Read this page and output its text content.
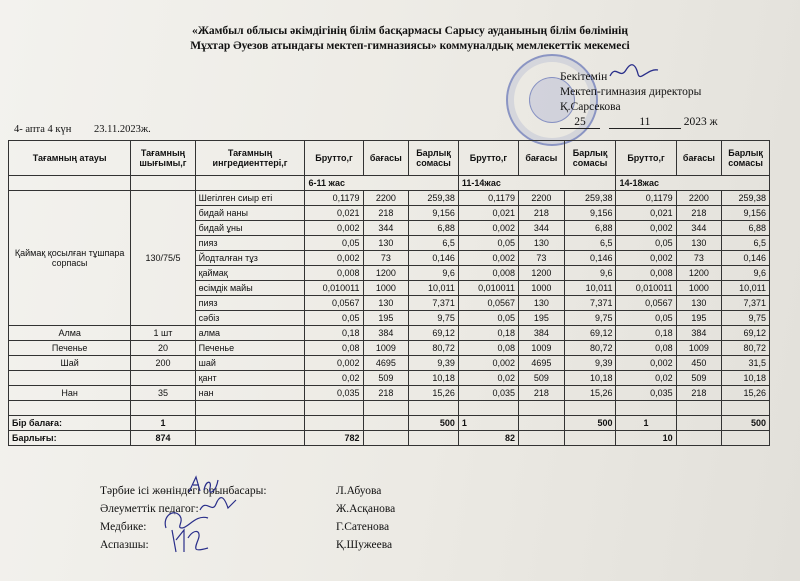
«Жамбыл облысы әкімдігінің білім басқармасы Сарысу ауданының білім бөлімінің
Мұхтар Әуезов атындағы мектеп-гимназиясы» коммуналдық мемлекеттік мекемесі
Бекітемін
Мектеп-гимназия директоры
Қ.Сарсекова
25	11	2023 ж
4- апта 4 күн 23.11.2023ж.
Тағамның атауы	Тағамның шығымы,г	Тағамның ингредиенттері,г	Брутто,г	бағасы	Барлық сомасы	Брутто,г	бағасы	Барлық сомасы	Брутто,г	бағасы	Барлық сомасы
			6-11 жас			11-14жас			14-18жас		
Қаймақ қосылған тұшпара сорпасы	130/75/5	Шегілген сиыр еті	0,1179	2200	259,38	0,1179	2200	259,38	0,1179	2200	259,38
		бидай наны	0,021	218	9,156	0,021	218	9,156	0,021	218	9,156
		бидай ұны	0,002	344	6,88	0,002	344	6,88	0,002	344	6,88
		пияз	0,05	130	6,5	0,05	130	6,5	0,05	130	6,5
		Йодталған тұз	0,002	73	0,146	0,002	73	0,146	0,002	73	0,146
		қаймақ	0,008	1200	9,6	0,008	1200	9,6	0,008	1200	9,6
		өсімдік майы	0,010011	1000	10,011	0,010011	1000	10,011	0,010011	1000	10,011
		пияз	0,0567	130	7,371	0,0567	130	7,371	0,0567	130	7,371
		сәбіз	0,05	195	9,75	0,05	195	9,75	0,05	195	9,75
Алма	1 шт	алма	0,18	384	69,12	0,18	384	69,12	0,18	384	69,12
Печенье	20	Печенье	0,08	1009	80,72	0,08	1009	80,72	0,08	1009	80,72
Шай	200	шай	0,002	4695	9,39	0,002	4695	9,39	0,002	450	31,5
		қант	0,02	509	10,18	0,02	509	10,18	0,02	509	10,18
Нан	35	нан	0,035	218	15,26	0,035	218	15,26	0,035	218	15,26

Бір балаға:	1				500	1		500	1		500
Барлығы:	874		782			82			10		
Тәрбие ісі жөніндегі орынбасары:	Л.Абуова
Әлеуметтік педагог:	Ж.Асқанова
Медбике:	Г.Сатенова
Аспазшы:	Қ.Шужеева
